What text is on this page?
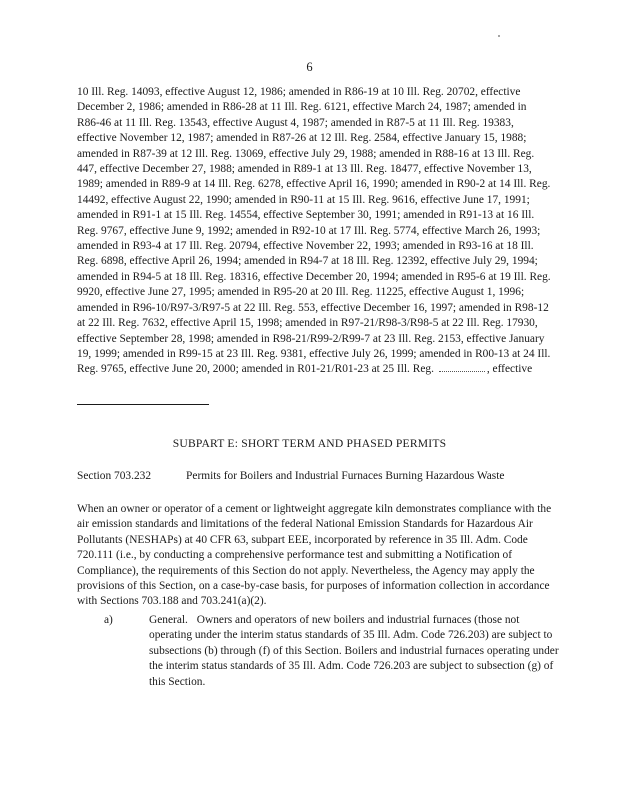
6

10 Ill. Reg. 14093, effective August 12, 1986; amended in R86-19 at 10 Ill. Reg. 20702, effective December 2, 1986; amended in R86-28 at 11 Ill. Reg. 6121, effective March 24, 1987; amended in R86-46 at 11 Ill. Reg. 13543, effective August 4, 1987; amended in R87-5 at 11 Ill. Reg. 19383, effective November 12, 1987; amended in R87-26 at 12 Ill. Reg. 2584, effective January 15, 1988; amended in R87-39 at 12 Ill. Reg. 13069, effective July 29, 1988; amended in R88-16 at 13 Ill. Reg. 447, effective December 27, 1988; amended in R89-1 at 13 Ill. Reg. 18477, effective November 13, 1989; amended in R89-9 at 14 Ill. Reg. 6278, effective April 16, 1990; amended in R90-2 at 14 Ill. Reg. 14492, effective August 22, 1990; amended in R90-11 at 15 Ill. Reg. 9616, effective June 17, 1991; amended in R91-1 at 15 Ill. Reg. 14554, effective September 30, 1991; amended in R91-13 at 16 Ill. Reg. 9767, effective June 9, 1992; amended in R92-10 at 17 Ill. Reg. 5774, effective March 26, 1993; amended in R93-4 at 17 Ill. Reg. 20794, effective November 22, 1993; amended in R93-16 at 18 Ill. Reg. 6898, effective April 26, 1994; amended in R94-7 at 18 Ill. Reg. 12392, effective July 29, 1994; amended in R94-5 at 18 Ill. Reg. 18316, effective December 20, 1994; amended in R95-6 at 19 Ill. Reg. 9920, effective June 27, 1995; amended in R95-20 at 20 Ill. Reg. 11225, effective August 1, 1996; amended in R96-10/R97-3/R97-5 at 22 Ill. Reg. 553, effective December 16, 1997; amended in R98-12 at 22 Ill. Reg. 7632, effective April 15, 1998; amended in R97-21/R98-3/R98-5 at 22 Ill. Reg. 17930, effective September 28, 1998; amended in R98-21/R99-2/R99-7 at 23 Ill. Reg. 2153, effective January 19, 1999; amended in R99-15 at 23 Ill. Reg. 9381, effective July 26, 1999; amended in R00-13 at 24 Ill. Reg. 9765, effective June 20, 2000; amended in R01-21/R01-23 at 25 Ill. Reg.	, effective

SUBPART E: SHORT TERM AND PHASED PERMITS
Section 703.232	Permits for Boilers and Industrial Furnaces Burning Hazardous Waste

When an owner or operator of a cement or lightweight aggregate kiln demonstrates compliance with the air emission standards and limitations of the federal National Emission Standards for Hazardous Air Pollutants (NESHAPs) at 40 CFR 63, subpart EEE, incorporated by reference in 35 Ill. Adm. Code 720.111 (i.e., by conducting a comprehensive performance test and submitting a Notification of Compliance), the requirements of this Section do not apply. Nevertheless, the Agency may apply the provisions of this Section, on a case-by-case basis, for purposes of information collection in accordance with Sections 703.188 and 703.241(a)(2).

a)	General. Owners and operators of new boilers and industrial furnaces (those not operating under the interim status standards of 35 Ill. Adm. Code 726.203) are subject to subsections (b) through (f) of this Section. Boilers and industrial furnaces operating under the interim status standards of 35 Ill. Adm. Code 726.203 are subject to subsection (g) of this Section.
